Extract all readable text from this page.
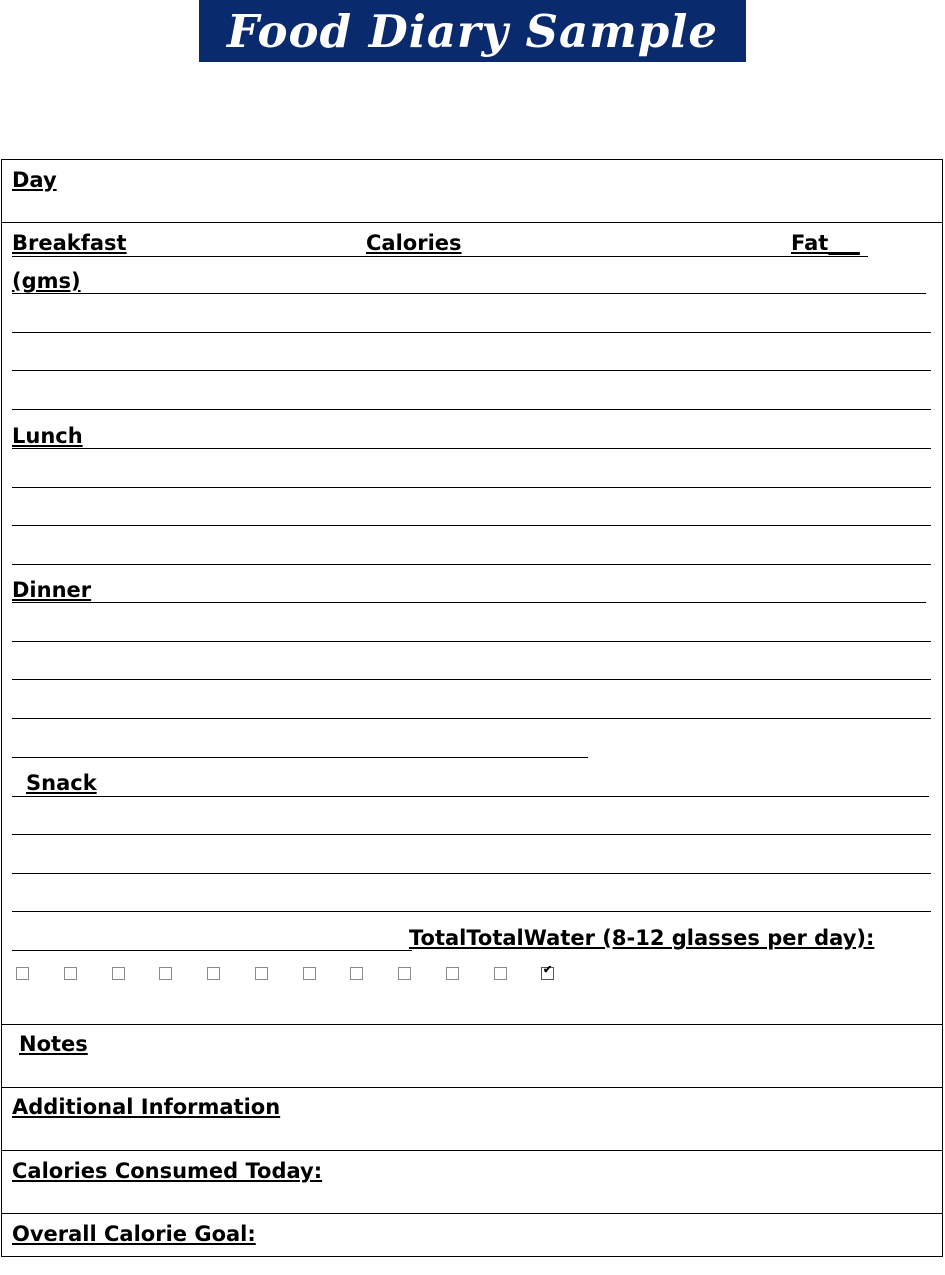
Food Diary Sample
Day
Breakfast	Calories	Fat___
(gms)
Lunch
Dinner
Snack
TotalTotalWater (8-12 glasses per day):
✔
Notes
Additional Information
Calories Consumed Today:
Overall Calorie Goal:
